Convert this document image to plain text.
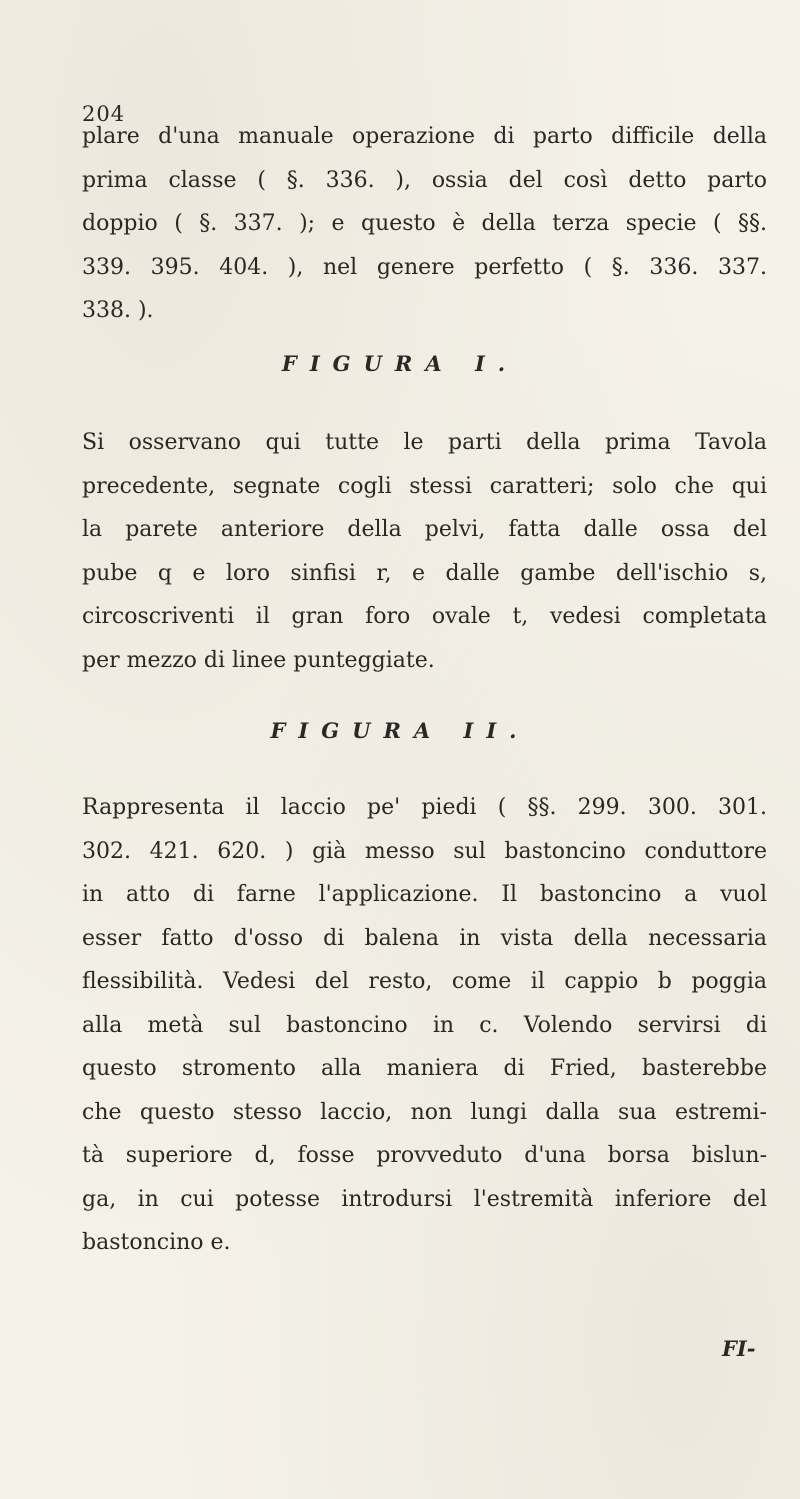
204
plare d'una manuale operazione di parto difficile della
prima classe ( §. 336. ), ossia del così detto parto
doppio ( §. 337. ); e questo è della terza specie ( §§.
339. 395. 404. ), nel genere perfetto ( §. 336. 337.
338. ).
FIGURA I.
Si osservano qui tutte le parti della prima Tavola
precedente, segnate cogli stessi caratteri; solo che qui
la parete anteriore della pelvi, fatta dalle ossa del
pube q e loro sinfisi r, e dalle gambe dell'ischio s,
circoscriventi il gran foro ovale t, vedesi completata
per mezzo di linee punteggiate.
FIGURA II.
Rappresenta il laccio pe' piedi ( §§. 299. 300. 301.
302. 421. 620. ) già messo sul bastoncino conduttore
in atto di farne l'applicazione. Il bastoncino a vuol
esser fatto d'osso di balena in vista della necessaria
flessibilità. Vedesi del resto, come il cappio b poggia
alla metà sul bastoncino in c. Volendo servirsi di
questo stromento alla maniera di Fried, basterebbe
che questo stesso laccio, non lungi dalla sua estremi-
tà superiore d, fosse provveduto d'una borsa bislun-
ga, in cui potesse introdursi l'estremità inferiore del
bastoncino e.
FI-
